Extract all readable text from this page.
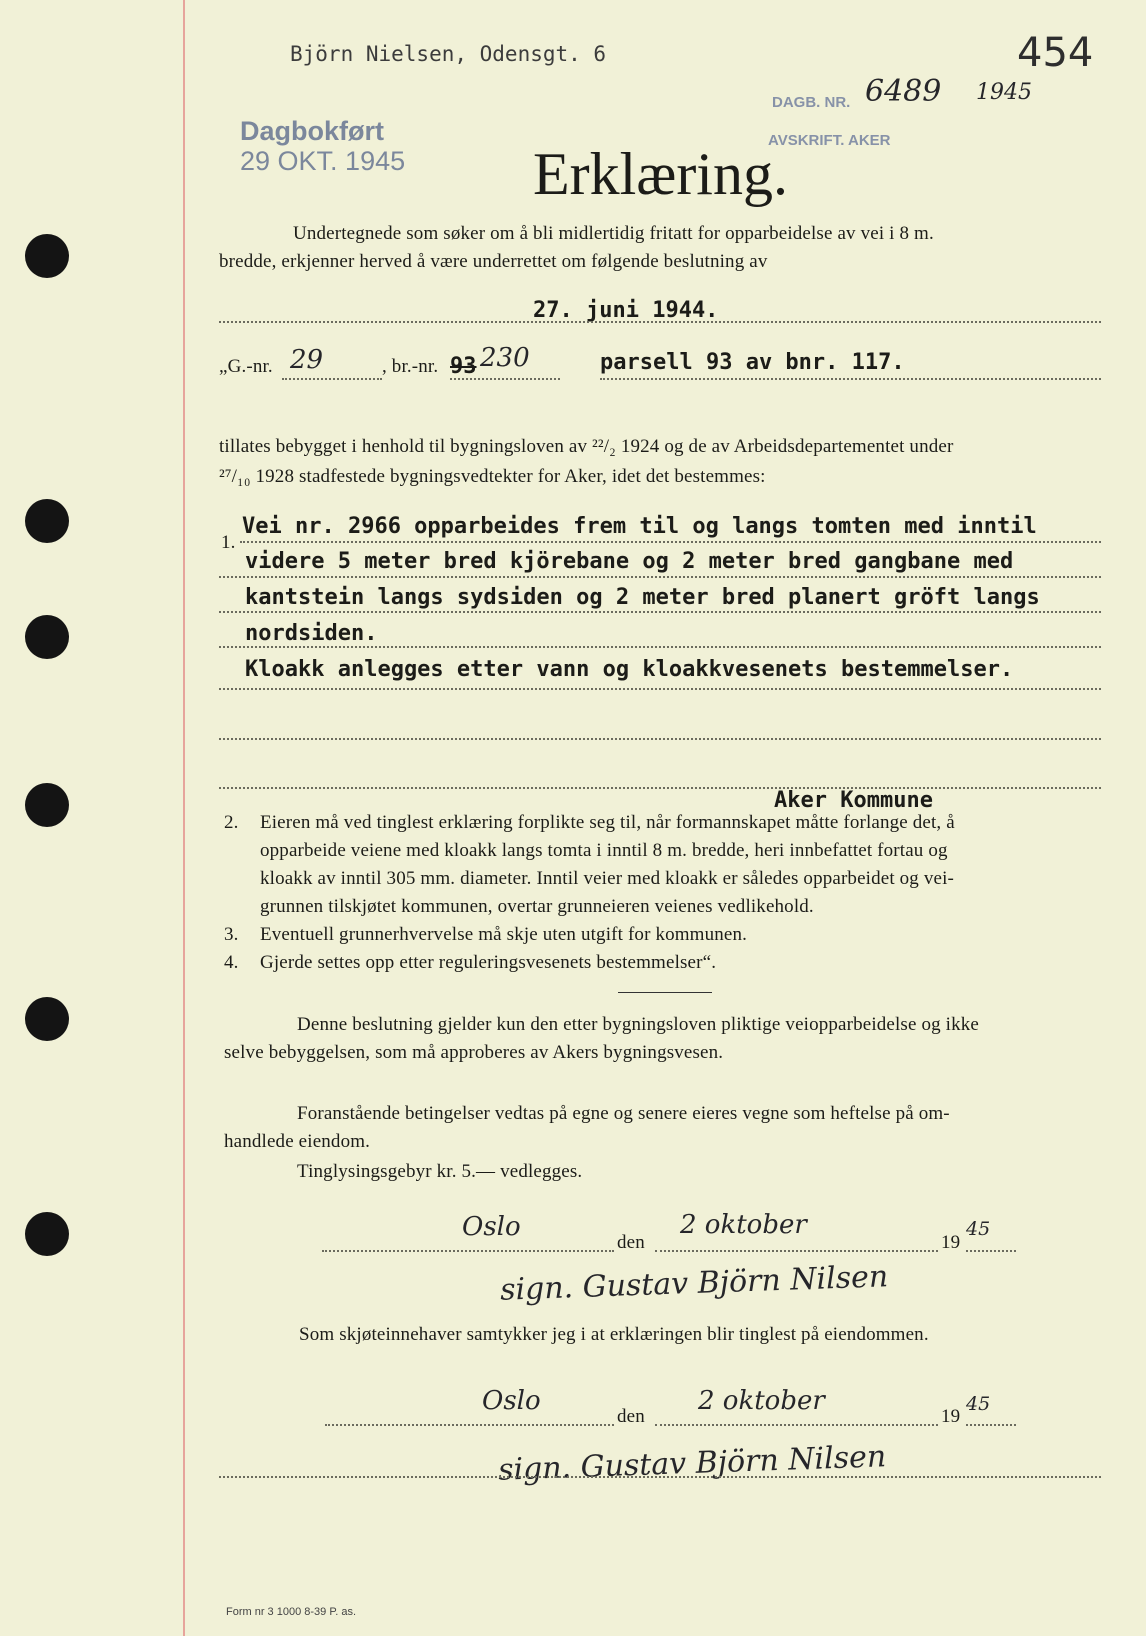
Björn Nielsen, Odensgt. 6	454
Dagbokført
29 OKT. 1945
DAGB. NR. 6489 1945
AVSKRIFT. AKER
Erklæring.
Undertegnede som søker om å bli midlertidig fritatt for opparbeidelse av vei i 8 m.
bredde, erkjenner herved å være underrettet om følgende beslutning av
27. juni 1944.
„G.-nr. 29	, br.-nr. 93 230	parsell 93 av bnr. 117.
tillates bebygget i henhold til bygningsloven av ²²/₂ 1924 og de av Arbeidsdepartementet under
²⁷/₁₀ 1928 stadfestede bygningsvedtekter for Aker, idet det bestemmes:
1.
Vei nr. 2966 opparbeides frem til og langs tomten med inntil
videre 5 meter bred kjörebane og 2 meter bred gangbane med
kantstein langs sydsiden og 2 meter bred planert gröft langs
nordsiden.
Kloakk anlegges etter vann og kloakkvesenets bestemmelser.
Aker Kommune
2. Eieren må ved tinglest erklæring forplikte seg til, når formannskapet måtte forlange det, å
opparbeide veiene med kloakk langs tomta i inntil 8 m. bredde, heri innbefattet fortau og
kloakk av inntil 305 mm. diameter. Inntil veier med kloakk er således opparbeidet og vei-
grunnen tilskjøtet kommunen, overtar grunneieren veienes vedlikehold.
3. Eventuell grunnerhvervelse må skje uten utgift for kommunen.
4. Gjerde settes opp etter reguleringsvesenets bestemmelser“.
Denne beslutning gjelder kun den etter bygningsloven pliktige veiopparbeidelse og ikke
selve bebyggelsen, som må approberes av Akers bygningsvesen.
Foranstående betingelser vedtas på egne og senere eieres vegne som heftelse på om-
handlede eiendom.
Tinglysingsgebyr kr. 5.— vedlegges.
Oslo
den
2 oktober
19
45
sign. Gustav Björn Nilsen
Som skjøteinnehaver samtykker jeg i at erklæringen blir tinglest på eiendommen.
Oslo
den
2 oktober
19
45
sign. Gustav Björn Nilsen
Form nr 3 1000 8-39 P. as.
